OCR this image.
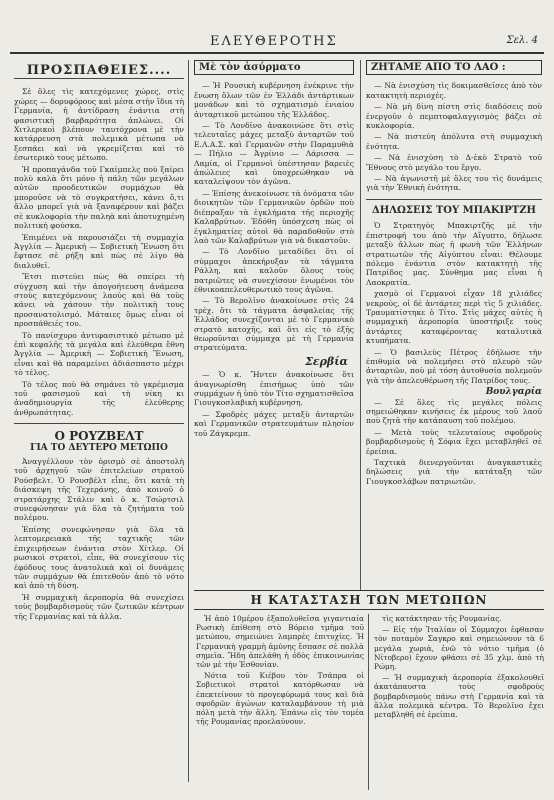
ΕΛΕΥΘΕΡΟΤΗΣ	Σελ. 4
ΠΡΟΣΠΑΘΕΙΕΣ....

Σὲ ὅλες τὶς κατεχόμενες χώρες, στὶς χώρες — δορυφόρους καὶ μέσα στὴν ἴδια τὴ Γερμανία, ἡ ἀντίδραση ἐνάντια στὴ φασιστικὴ βαρβαρότητα ἁπλώνει. Οἱ Χιτλερικοὶ βλέπουν ταυτόχρονα μὲ τὴν κατάρρευση στὰ πολεμικὰ μέτωπα νὰ ξεσπάει καὶ νὰ γκρεμίζεται καὶ τὸ ἐσωτερικὸ τους μέτωπο.

Ἡ προπαγάνδα τοῦ Γκαίμπελς ποὺ ξαίρει πολὺ καλὰ ὅτι μόνο ἡ πάλη τῶν μεγάλων αὐτῶν προοδευτικῶν συμμάχων θὰ μποροῦσε νὰ τὸ συγκρατήσει, κάνει ὅ,τι ἄλλο μπορεῖ γιὰ νὰ ξαναφέρουν καὶ βάζει σὲ κυκλοφορία τὴν παληὰ καὶ ἀποτυχημένη πολιτικὴ φούσκα.

Ἐπιμένει νὰ παρουσιάζει τὴ συμμαχία Ἀγγλία — Ἀμερική — Σοβιετικὴ Ἕνωση ὅτι ἔφτασε σὲ ρήξη καὶ πὼς σὲ λίγο θὰ διαλυθεῖ.

Ἔτσι πιστεύει πὼς θὰ σπείρει τὴ σύγχυση καὶ τὴν ἀπογοήτευση ἀνάμεσα στοὺς κατεχόμενους λαοὺς καὶ θὰ τοὺς κάνει νὰ χάσουν τὴν πολιτικὴ τους προσανατολισμό. Μάταιες ὅμως εἶναι οἱ προσπάθειές του.

Τὸ πανίσχυρο ἀντιφασιστικὸ μέτωπο μὲ ἐπὶ κεφαλῆς τὰ μεγάλα καὶ ἐλεύθερα ἔθνη Ἀγγλία — Ἀμερικὴ — Σοβιετικὴ Ἕνωση, εἶναι καὶ θὰ παραμείνει ἀδιάσπαστο μέχρι τὸ τέλος.

Τὸ τέλος ποὺ θὰ σημάνει τὸ γκρέμισμα τοῦ φασισμοῦ καὶ τὴ νίκη κι ἀναδημιουργία τῆς ἐλεύθερης ἀνθρωπότητας.

Ο ΡΟΥΖΒΕΛΤ
ΓΙΑ ΤΟ ΔΕΥΤΕΡΟ ΜΕΤΩΠΟ

Ἀναγγέλλουν τὸν ὁρισμὸ σὲ ἀποστολὴ τοῦ ἀρχηγοῦ τῶν ἐπιτελείων στρατοῦ Ρούσβελτ. Ὁ Ρουσβέλτ εἶπε, ὅτι κατὰ τὴ διάσκεψη τῆς Τεχεράνης, ἀπὸ κοινοῦ ὁ στρατάρχης Στάλιν καὶ ὁ κ. Τσώρτσιλ συνεφώνησαν γιὰ ὅλα τὰ ζητήματα τοῦ πολέμου.

Ἐπίσης συνεφώνησαν γιὰ ὅλα τὰ λεπτομερειακὰ τῆς ταχτικῆς τῶν ἐπιχειρήσεων ἐνάντια στὸν Χίτλερ. Οἱ ρωσικοὶ στρατοὶ, εἶπε, θὰ συνεχίσουν τὶς ἐφόδους τους ἀνατολικὰ καὶ οἱ δυνάμεις τῶν συμμάχων θὰ ἐπιτεθοῦν ἀπὸ τὸ νότο καὶ ἀπὸ τὴ δύση.

Ἡ συμμαχικὴ ἀεροπορία θὰ συνεχίσει τοὺς βομβαρδισμοὺς τῶν ζωτικῶν κέντρων τῆς Γερμανίας καὶ τὰ ἀλλα.

Μὲ τὸν ἀσύρματο

— Ἡ Ρουσικὴ κυβέρνηση ἐνέκρινε τὴν ἕνωση ὅλων τῶν ἐν Ἑλλάδι ἀντάρτικων μονάδων καὶ τὸ σχηματισμὸ ἑνιαίου ἀνταρτικοῦ μετώπου τῆς Ἑλλάδος.

— Τὸ Λονδῖνο ἀνακοινώσε ὅτι στὶς τελευταῖες μάχες μεταξὺ ἀνταρτῶν τοῦ Ε.Λ.Α.Σ. καὶ Γερμανῶν στὴν Παραμυθιὰ — Πήλιο — Ἀγρίνιο — Λάρισσα — Λαμία, οἱ Γερμανοὶ ὑπέστησαν βαρειὲς ἀπώλειες καὶ ὑποχρεώθηκαν νὰ καταλείψουν τὸν ἀγῶνα.

— Ἐπίσης ἀνεκοίνωσε τὰ ὀνόματα τῶν διοικητῶν τῶν Γερμανικῶν ὁρδῶν ποὺ διέπραξαν τὰ ἐγκλήματα τῆς περιοχῆς Καλαβρύτων. Ἐδόθη ὑπόσχεση πὼς οἱ ἐγκληματίες αὐτοὶ θὰ παραδοθοῦν στὸ λαὸ τῶν Καλαβρύτων γιὰ νὰ δικαστοῦν.

— Τὸ Λονδῖνο μεταδίδει ὅτι οἱ σύμμαχοι ἀπεκήρυξαν τὰ τάγματα Ράλλη, καὶ καλοῦν ὅλους τοὺς πατριῶτες νὰ συνεχίσουν ἑνωμένοι τὸν ἐθνικοαπελευθερωτικὸ τους ἀγῶνα.

— Τὸ Βερολῖνο ἀνακοίνωσε στὶς 24 τρέχ. ὅτι τὰ τάγματα ἀσφαλείας τῆς Ἑλλάδος συνεχίζονται μὲ τὸ Γερμανικὸ στρατὸ κατοχῆς, καὶ ὅτι εἰς τὸ ἑξῆς θεωροῦνται σύμμαχα μὲ τὴ Γερμανία στρατεύματα.

Σερβία

— Ὁ κ. Ἤντεν ἀνακοίνωσε ὅτι ἀναγνωρίσθη ἐπισήμως ὑπὸ τῶν συμμάχων ἡ ὑπὸ τὸν Τίτο σχηματισθεῖσα Γιουγκοσλαβικὴ κυβέρνηση.

— Σφοδρὲς μάχες μεταξὺ ἀνταρτῶν καὶ Γερμανικῶν στρατευμάτων πλησίον τοῦ Ζάγκρεμπ.

ΖΗΤΑΜΕ ΑΠΟ ΤΟ ΛΑΟ :

— Νὰ ἐνισχύση τὶς δοκιμασθεῖσες ἀπὸ τὸν κατακτητὴ περιοχές.

— Νὰ μὴ δίνη πίστη στὶς διαδόσεις ποὺ ἐνεργοῦν ὁ πεμπτοφαλαγγισμὸς βάζει σὲ κυκλοφορία.

— Νὰ πιστεύη ἀπόλυτα στὴ συμμαχικὴ ἑνότητα.

— Νὰ ἐνισχύση τὸ Δ-ἑκὸ Στρατὸ τοῦ Ἔθνους στὸ μεγάλο του ἔργο.

— Νὰ ἀγωνιστῆ μὲ ὅλες του τὶς δυνάμεις γιὰ τὴν Ἐθνικὴ ἑνότητα.

ΔΗΛΩΣΕΙΣ ΤΟΥ ΜΠΑΚΙΡΤΖΗ

Ὁ Στρατηγὸς Μπακιρτζῆς μὲ τὴν ἐπιστροφή του ἀπὸ τὴν Αἴγυπτο, δήλωσε μεταξὺ ἄλλων πὼς ἡ φωνὴ τῶν Ἑλλήνων στρατιωτῶν τῆς Αἰγύπτου εἶναι: Θέλουμε πόλεμο ἐνάντια στὸν κατακτητὴ τῆς Πατρίδος μας. Σύνθημα μας εἶναι ἡ Λαοκρατία.

χασμὸ οἱ Γερμανοὶ εἶχαν 18 χιλιάδες νεκρούς, οἱ δὲ ἀντάρτες περὶ τὶς 5 χιλιάδες. Τραυματίστηκε ὁ Τίτο. Στὶς μάχες αὐτὲς ἡ συμμαχικὴ ἀεροπορία ὑποστήριξε τοὺς ἀντάρτες καταφέροντας καταλυτικὰ κτυπήματα.

— Ὁ βασιλεὺς Πέτρος ἐδήλωσε τὴν ἐπιθυμία νὰ πολεμήσει στὸ πλευρὸ τῶν ἀνταρτῶν, ποὺ μὲ τόση ἀυτοθυσία πολεμοῦν γιὰ τὴν ἀπελευθέρωση τῆς Πατρίδος τους.

Βουλγαρία

— Σὲ ὅλες τὶς μεγάλες πόλεις σημειώθηκαν κινήσεις ἐκ μέρους τοῦ λαοῦ ποὺ ζητᾶ τὴν κατάπαυση τοῦ πολέμου.

— Μετὰ τοὺς τελευταίους σφοδροὺς βομβαρδισμοὺς ἡ Σόφια ἔχει μεταβληθεῖ σὲ ἐρείπια.

Ταχτικὰ διενεργοῦνται ἀναγκαστικὲς δηλώσεις γιὰ τὴν κατάταξη τῶν Γιουγκοσλάβων πατριωτῶν.

Η ΚΑΤΑΣΤΑΣΗ ΤΩΝ ΜΕΤΩΠΩΝ

Ἡ ἀπὸ 10μέρου ἐξαπολυθεῖσα γιγαντιαία Ρωσικὴ ἐπίθεση στὸ Βόρειο τμῆμα τοῦ μετώπου, σημειώνει λαμπρὲς ἐπιτυχίες. Ἡ Γερμανικὴ γραμμὴ ἀμύνης ἔσπασε σὲ πολλὰ σημεῖα. Ἤδη ἀπελάθη ἡ ὁδὸς ἐπικοινωνίας τῶν μὲ τὴν Ἐσθονίαν.

Νότια τοῦ Κιέβου τὸν Τσάπρα οἱ Σοβιετικοὶ στρατοὶ κατόρθωσαν νὰ ἐπεκτείνουν τὸ προγεφύρωμά τους καὶ διὰ σφοδρῶν ἀγώνων καταλαμβάνουν τὴ μιὰ πόλη μετὰ τὴν ἄλλη. Ἐπάνω εἰς τὸν τομέα τῆς Ρουμανίας προελαύνουν.

τὶς κατάκτησαν τῆς Ρουμανίας.

— Εἰς τὴν Ἰταλίαν οἱ Σύμμαχοι ἐφθασαν τὸν ποταμὸν Σαγκρο καὶ σημειώνουν τὰ 6 μεγάλα χωριὰ, ἐνῶ τὸ νότιο τμῆμα (ὁ Νίτοβερο) ἔχουν φθάσει σὲ 35 χλμ. ἀπὸ τὴ Ρώμη.

— Ἡ συμμαχικὴ ἀεροπορία ἐξακολουθεῖ ἀκατάπαυστα τοὺς σφοδροὺς βομβαρδισμοὺς πάνω στὴ Γερμανία καὶ τὰ ἄλλα πολεμικὰ κέντρα. Τὸ Βερολῖνο ἔχει μεταβληθῆ σὲ ἐρείπια.
